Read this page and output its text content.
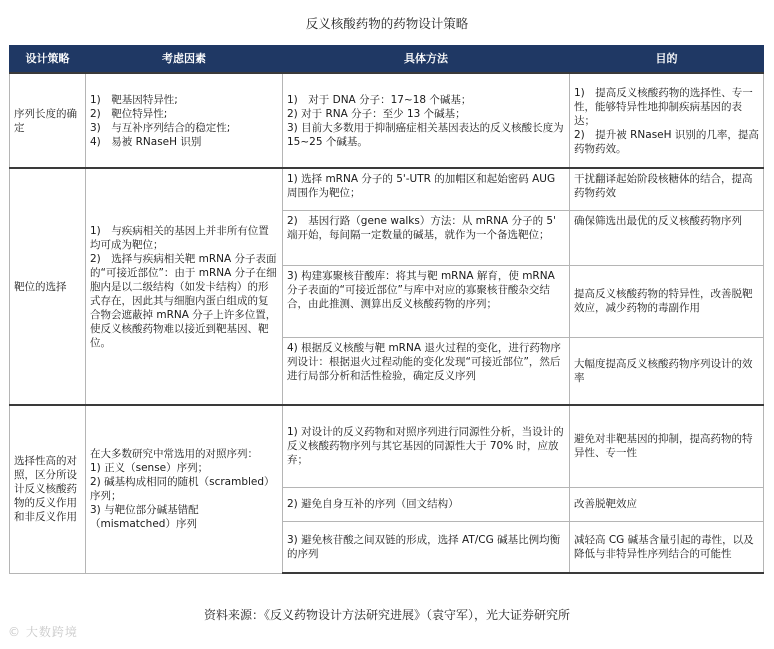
反义核酸药物的药物设计策略
设计策略	考虑因素	具体方法	目的
序列长度的确定	1)　靶基因特异性;
2)　靶位特异性;
3)　与互补序列结合的稳定性;
4)　易被 RNaseH 识别	1)　对于 DNA 分子：17~18 个碱基；
2) 对于 RNA 分子：至少 13 个碱基；
3) 目前大多数用于抑制癌症相关基因表达的反义核酸长度为 15~25 个碱基。	1)　提高反义核酸药物的选择性、专一性，能够特异性地抑制疾病基因的表达；
2)　提升被 RNaseH 识别的几率，提高药物药效。

靶位的选择	1)　与疾病相关的基因上并非所有位置均可成为靶位；
2)　选择与疾病相关靶 mRNA 分子表面的“可接近部位”：由于 mRNA 分子在细胞内是以二级结构（如发卡结构）的形式存在，因此其与细胞内蛋白组成的复合物会遮蔽掉 mRNA 分子上许多位置，使反义核酸药物难以接近到靶基因、靶位。	1) 选择 mRNA 分子的 5'-UTR 的加帽区和起始密码 AUG 周围作为靶位；	干扰翻译起始阶段核糖体的结合，提高药物药效
		2)　基因行路（gene walks）方法：从 mRNA 分子的 5' 端开始，每间隔一定数量的碱基，就作为一个备选靶位；	确保筛选出最优的反义核酸药物序列
		3) 构建寡聚核苷酸库：将其与靶 mRNA 解育，使 mRNA 分子表面的“可接近部位”与库中对应的寡聚核苷酸杂交结合，由此推测、测算出反义核酸药物的序列；	提高反义核酸药物的特异性，改善脱靶效应，减少药物的毒副作用
		4) 根据反义核酸与靶 mRNA 退火过程的变化，进行药物序列设计：根据退火过程动能的变化发现“可接近部位”，然后进行局部分析和活性检验，确定反义序列	大幅度提高反义核酸药物序列设计的效率
选择性高的对照，区分所设计反义核酸药物的反义作用和非反义作用	在大多数研究中常选用的对照序列：
1) 正义（sense）序列；
2) 碱基构成相同的随机（scrambled）序列；
3) 与靶位部分碱基错配（mismatched）序列	1) 对设计的反义药物和对照序列进行同源性分析，当设计的反义核酸药物序列与其它基因的同源性大于 70% 时，应放弃；	避免对非靶基因的抑制，提高药物的特异性、专一性
		2) 避免自身互补的序列（回文结构）	改善脱靶效应
		3) 避免核苷酸之间双链的形成，选择 AT/CG 碱基比例均衡的序列	减轻高 CG 碱基含量引起的毒性，以及降低与非特异性序列结合的可能性
资料来源：《反义药物设计方法研究进展》（袁守军），光大证券研究所
© 大数跨境
